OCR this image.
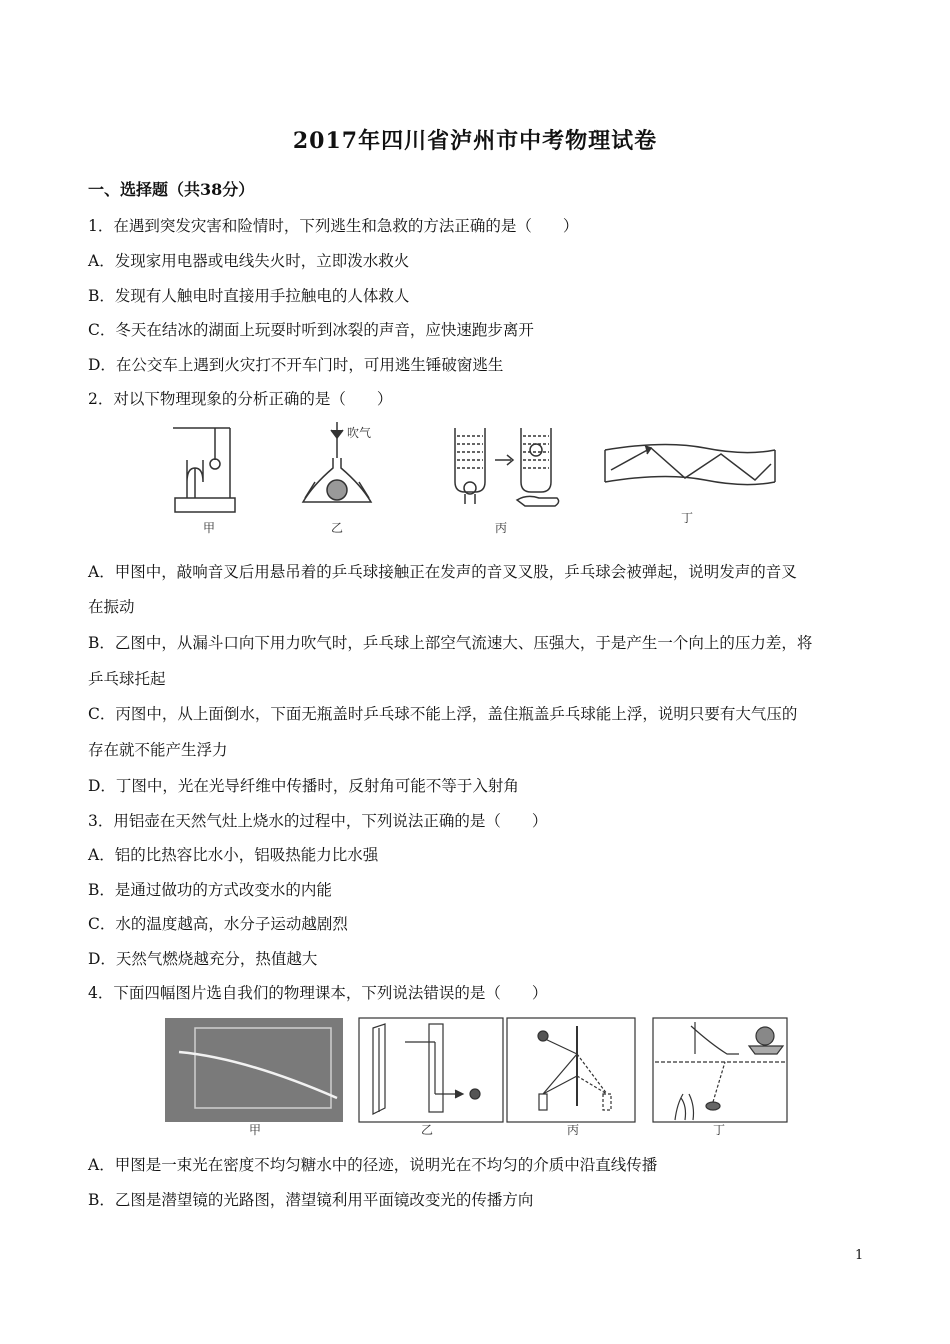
2017年四川省泸州市中考物理试卷
一、选择题（共38分）
1．在遇到突发灾害和险情时，下列逃生和急救的方法正确的是（　　）
A．发现家用电器或电线失火时，立即泼水救火
B．发现有人触电时直接用手拉触电的人体救人
C．冬天在结冰的湖面上玩耍时听到冰裂的声音，应快速跑步离开
D．在公交车上遇到火灾打不开车门时，可用逃生锤破窗逃生
2．对以下物理现象的分析正确的是（　　）
甲
吹气
乙	丙
丁
A．甲图中，敲响音叉后用悬吊着的乒乓球接触正在发声的音叉叉股，乒乓球会被弹起，说明发声的音叉
在振动
B．乙图中，从漏斗口向下用力吹气时，乒乓球上部空气流速大、压强大，于是产生一个向上的压力差，将
乒乓球托起
C．丙图中，从上面倒水，下面无瓶盖时乒乓球不能上浮，盖住瓶盖乒乓球能上浮，说明只要有大气压的
存在就不能产生浮力
D．丁图中，光在光导纤维中传播时，反射角可能不等于入射角
3．用铝壶在天然气灶上烧水的过程中，下列说法正确的是（　　）
A．铝的比热容比水小，铝吸热能力比水强
B．是通过做功的方式改变水的内能
C．水的温度越高，水分子运动越剧烈
D．天然气燃烧越充分，热值越大
4．下面四幅图片选自我们的物理课本，下列说法错误的是（　　）
甲	乙	丙	丁
A．甲图是一束光在密度不均匀糖水中的径迹，说明光在不均匀的介质中沿直线传播
B．乙图是潜望镜的光路图，潜望镜利用平面镜改变光的传播方向
1
